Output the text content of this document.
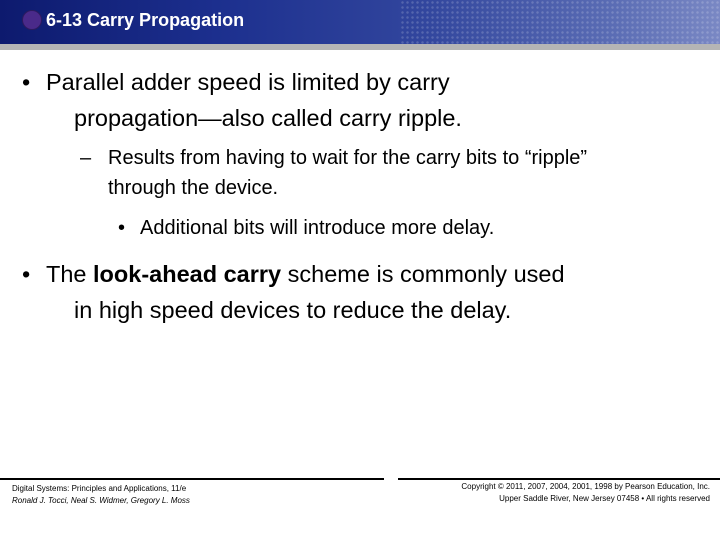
6-13 Carry Propagation
• Parallel adder speed is limited by carry
propagation—also called carry ripple.
– Results from having to wait for the carry bits to “ripple”
through the device.
• Additional bits will introduce more delay.
• The look-ahead carry scheme is commonly used
in high speed devices to reduce the delay.
Digital Systems: Principles and Applications, 11/e
Ronald J. Tocci, Neal S. Widmer, Gregory L. Moss
Copyright © 2011, 2007, 2004, 2001, 1998 by Pearson Education, Inc.
Upper Saddle River, New Jersey 07458 • All rights reserved
